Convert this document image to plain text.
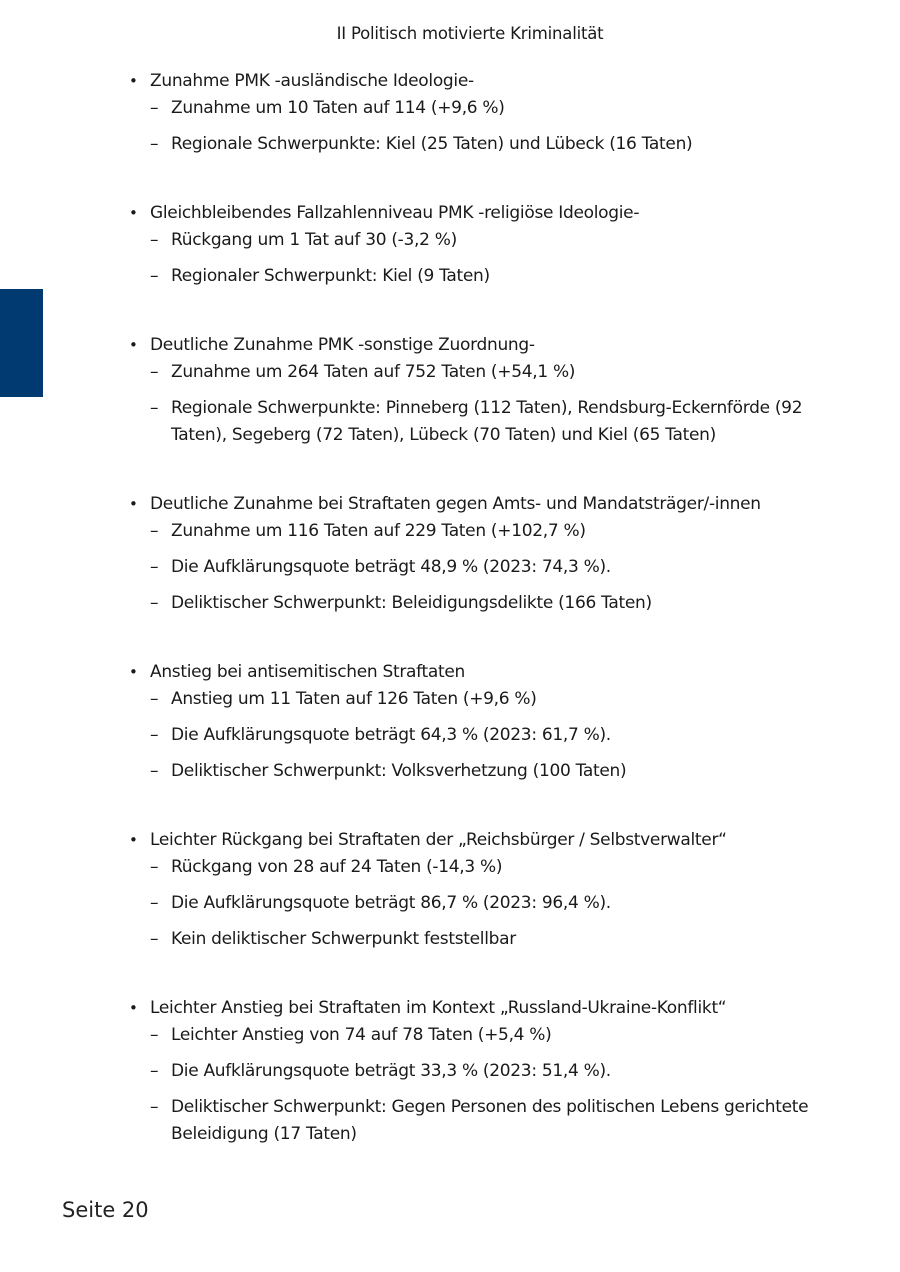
II Politisch motivierte Kriminalität
• Zunahme PMK -ausländische Ideologie-
– Zunahme um 10 Taten auf 114 (+9,6 %)
– Regionale Schwerpunkte: Kiel (25 Taten) und Lübeck (16 Taten)
• Gleichbleibendes Fallzahlenniveau PMK -religiöse Ideologie-
– Rückgang um 1 Tat auf 30 (-3,2 %)
– Regionaler Schwerpunkt: Kiel (9 Taten)
• Deutliche Zunahme PMK -sonstige Zuordnung-
– Zunahme um 264 Taten auf 752 Taten (+54,1 %)
– Regionale Schwerpunkte: Pinneberg (112 Taten), Rendsburg-Eckernförde (92 Taten), Segeberg (72 Taten), Lübeck (70 Taten) und Kiel (65 Taten)
• Deutliche Zunahme bei Straftaten gegen Amts- und Mandatsträger/-innen
– Zunahme um 116 Taten auf 229 Taten (+102,7 %)
– Die Aufklärungsquote beträgt 48,9 % (2023: 74,3 %).
– Deliktischer Schwerpunkt: Beleidigungsdelikte (166 Taten)
• Anstieg bei antisemitischen Straftaten
– Anstieg um 11 Taten auf 126 Taten (+9,6 %)
– Die Aufklärungsquote beträgt 64,3 % (2023: 61,7 %).
– Deliktischer Schwerpunkt: Volksverhetzung (100 Taten)
• Leichter Rückgang bei Straftaten der „Reichsbürger / Selbstverwalter“
– Rückgang von 28 auf 24 Taten (-14,3 %)
– Die Aufklärungsquote beträgt 86,7 % (2023: 96,4 %).
– Kein deliktischer Schwerpunkt feststellbar
• Leichter Anstieg bei Straftaten im Kontext „Russland-Ukraine-Konflikt“
– Leichter Anstieg von 74 auf 78 Taten (+5,4 %)
– Die Aufklärungsquote beträgt 33,3 % (2023: 51,4 %).
– Deliktischer Schwerpunkt: Gegen Personen des politischen Lebens gerichtete Beleidigung (17 Taten)
Seite 20
